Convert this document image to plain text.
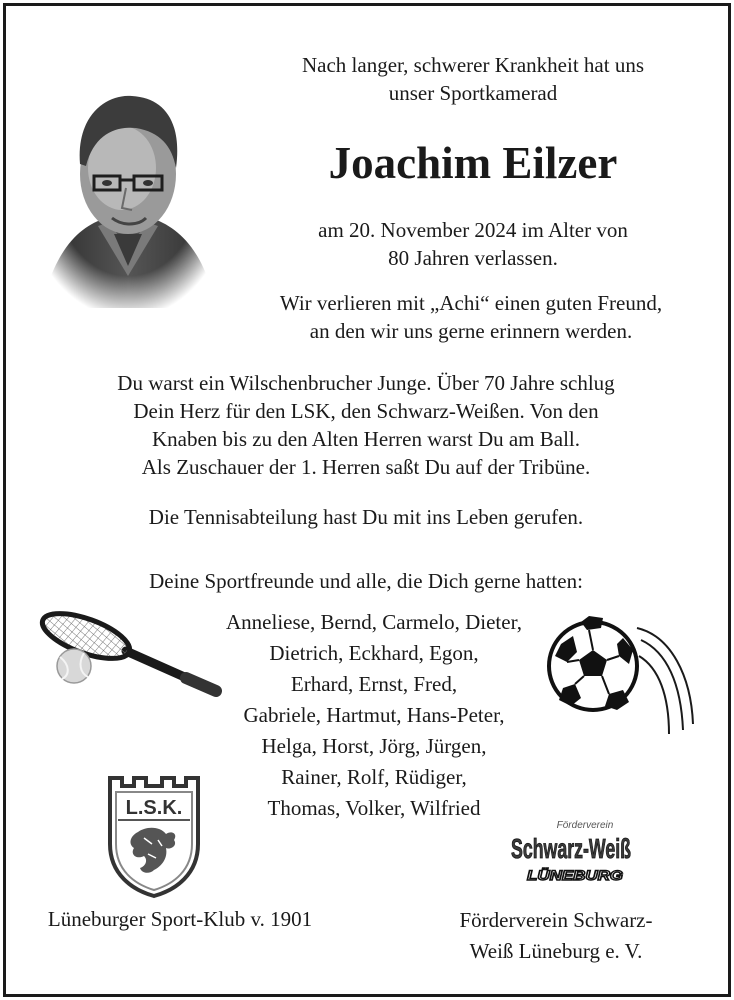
Nach langer, schwerer Krankheit hat uns
unser Sportkamerad
Joachim Eilzer
am 20. November 2024 im Alter von
80 Jahren verlassen.
Wir verlieren mit „Achi“ einen guten Freund,
an den wir uns gerne erinnern werden.
Du warst ein Wilschenbrucher Junge. Über 70 Jahre schlug
Dein Herz für den LSK, den Schwarz-Weißen. Von den
Knaben bis zu den Alten Herren warst Du am Ball.
Als Zuschauer der 1. Herren saßt Du auf der Tribüne.
Die Tennisabteilung hast Du mit ins Leben gerufen.
Deine Sportfreunde und alle, die Dich gerne hatten:
Anneliese, Bernd, Carmelo, Dieter,
Dietrich, Eckhard, Egon,
Erhard, Ernst, Fred,
Gabriele, Hartmut, Hans-Peter,
Helga, Horst, Jörg, Jürgen,
Rainer, Rolf, Rüdiger,
Thomas, Volker, Wilfried
L.S.K.
Förderverein
Schwarz-Weiß
LÜNEBURG
Lüneburger Sport-Klub v. 1901	Förderverein Schwarz-
Weiß Lüneburg e. V.
